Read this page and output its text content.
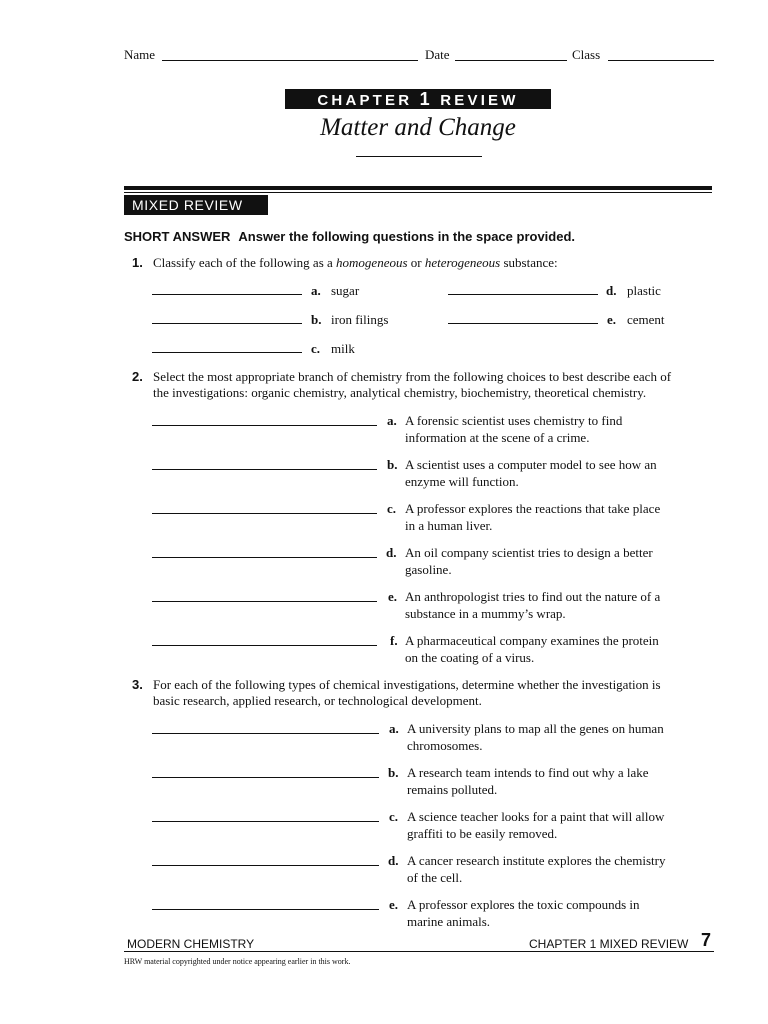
Name	Date	Class
CHAPTER 1 REVIEW
Matter and Change
MIXED REVIEW
SHORT ANSWER Answer the following questions in the space provided.
1. Classify each of the following as a homogeneous or heterogeneous substance:
a. sugar
b. iron filings
c. milk
d. plastic
e. cement
2. Select the most appropriate branch of chemistry from the following choices to best describe each of
the investigations: organic chemistry, analytical chemistry, biochemistry, theoretical chemistry.
a. A forensic scientist uses chemistry to find
information at the scene of a crime.
b. A scientist uses a computer model to see how an
enzyme will function.
c. A professor explores the reactions that take place
in a human liver.
d. An oil company scientist tries to design a better
gasoline.
e. An anthropologist tries to find out the nature of a
substance in a mummy’s wrap.
f. A pharmaceutical company examines the protein
on the coating of a virus.
3. For each of the following types of chemical investigations, determine whether the investigation is
basic research, applied research, or technological development.
a. A university plans to map all the genes on human
chromosomes.
b. A research team intends to find out why a lake
remains polluted.
c. A science teacher looks for a paint that will allow
graffiti to be easily removed.
d. A cancer research institute explores the chemistry
of the cell.
e. A professor explores the toxic compounds in
marine animals.
MODERN CHEMISTRY	CHAPTER 1 MIXED REVIEW 7
HRW material copyrighted under notice appearing earlier in this work.
